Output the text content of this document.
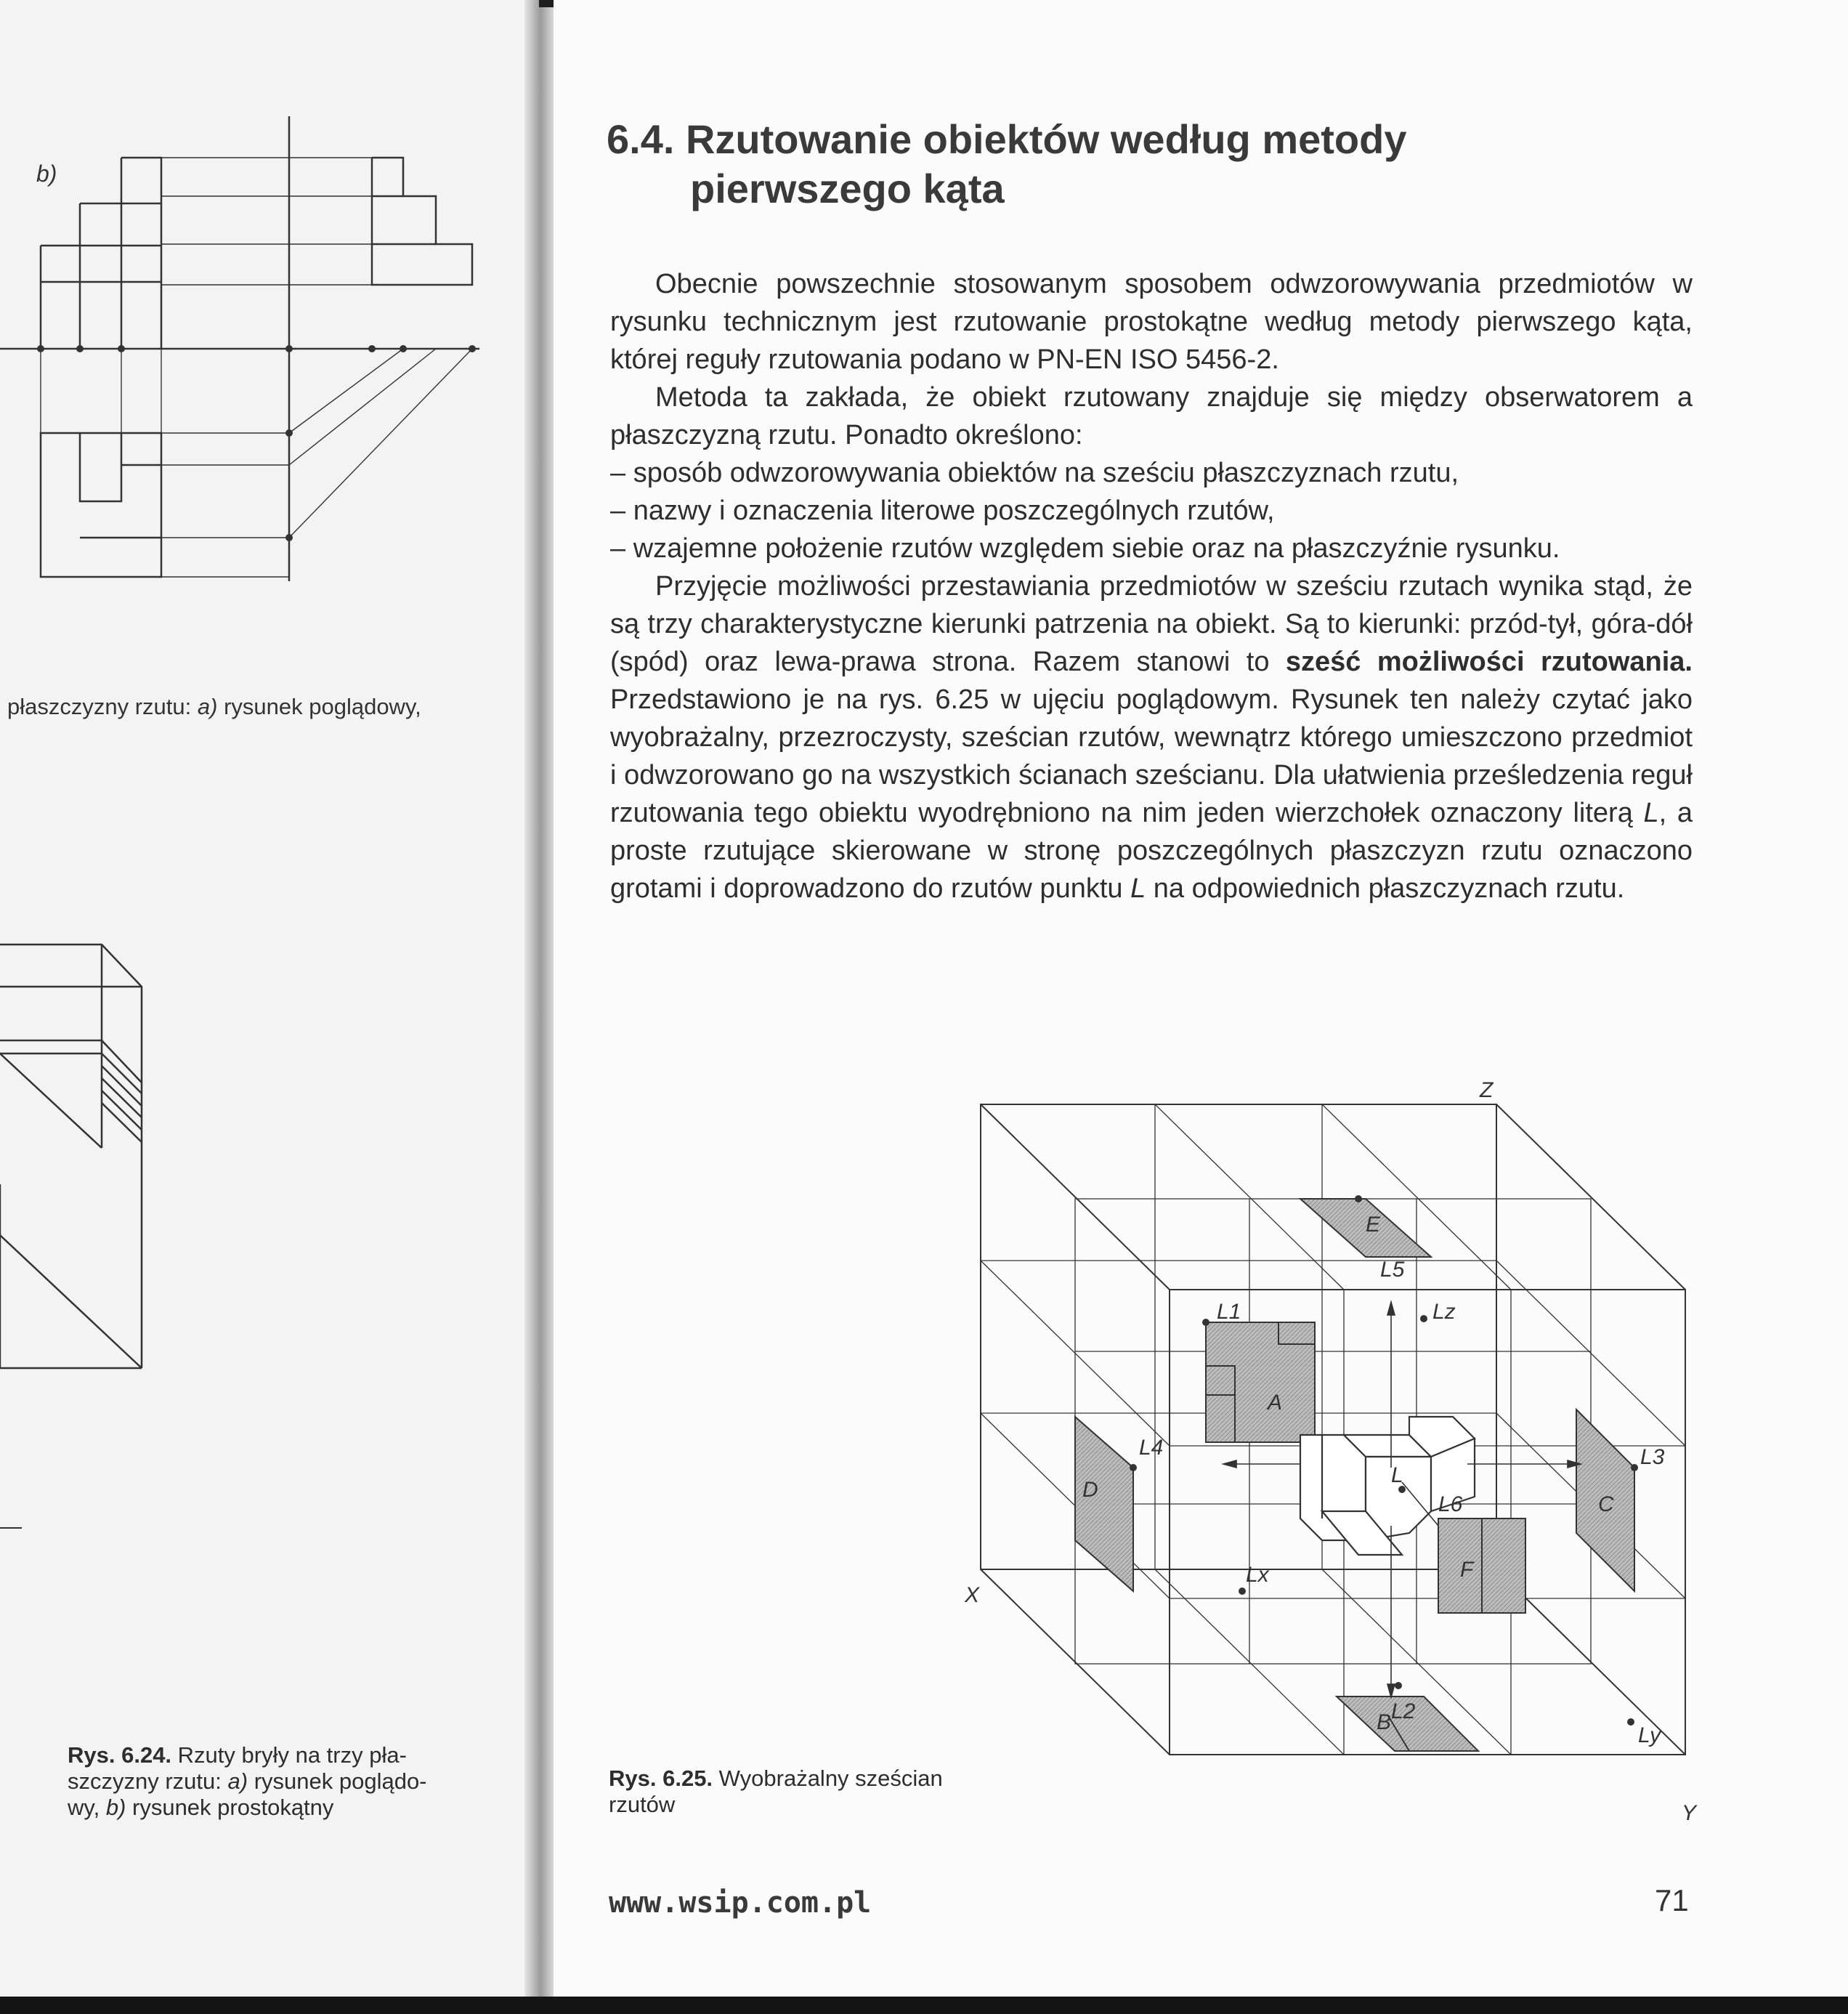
b)
płaszczyzny rzutu: a) rysunek poglądowy,
Rys. 6.24. Rzuty bryły na trzy pła-
szczyzny rzutu: a) rysunek poglądo-
wy, b) rysunek prostokątny
6.4. Rzutowanie obiektów według metody
pierwszego kąta

Obecnie powszechnie stosowanym sposobem odwzorowywania przedmiotów w rysunku technicznym jest rzutowanie prostokątne według metody pierwszego kąta, której reguły rzutowania podano w PN-EN ISO 5456-2.

Metoda ta zakłada, że obiekt rzutowany znajduje się między obserwatorem a płaszczyzną rzutu. Ponadto określono:

– sposób odwzorowywania obiektów na sześciu płaszczyznach rzutu,

– nazwy i oznaczenia literowe poszczególnych rzutów,

– wzajemne położenie rzutów względem siebie oraz na płaszczyźnie rysunku.

Przyjęcie możliwości przestawiania przedmiotów w sześciu rzutach wynika stąd, że są trzy charakterystyczne kierunki patrzenia na obiekt. Są to kierunki: przód-tył, góra-dół (spód) oraz lewa-prawa strona. Razem stanowi to sześć możliwości rzutowania. Przedstawiono je na rys. 6.25 w ujęciu poglądowym. Rysunek ten należy czytać jako wyobrażalny, przezroczysty, sześcian rzutów, wewnątrz którego umieszczono przedmiot i odwzorowano go na wszystkich ścianach sześcianu. Dla ułatwienia prześledzenia reguł rzutowania tego obiektu wyodrębniono na nim jeden wierzchołek oznaczony literą L, a proste rzutujące skierowane w stronę poszczególnych płaszczyzn rzutu oznaczono grotami i doprowadzono do rzutów punktu L na odpowiednich płaszczyznach rzutu.

Z
X
Y
L1
L2
L3
L4
L5
L6
Lx
Ly
Lz
L
A
B
C
D
E
F
Rys. 6.25. Wyobrażalny sześcian
rzutów
www.wsip.com.pl	71
